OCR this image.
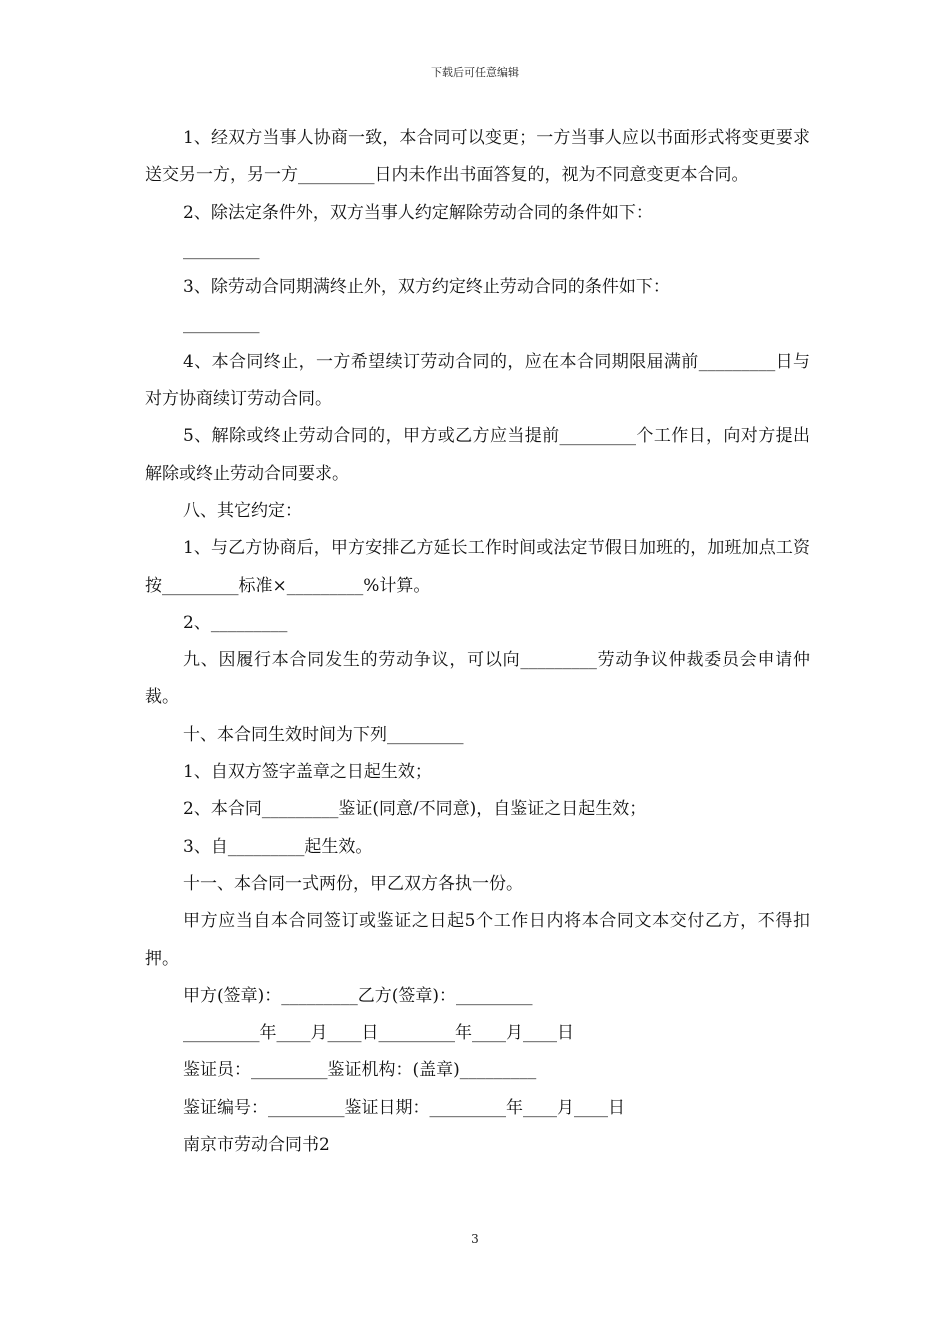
下载后可任意编辑

1、经双方当事人协商一致，本合同可以变更；一方当事人应以书面形式将变更要求送交另一方，另一方_________日内未作出书面答复的，视为不同意变更本合同。

2、除法定条件外，双方当事人约定解除劳动合同的条件如下：

_________

3、除劳动合同期满终止外，双方约定终止劳动合同的条件如下：

_________

4、本合同终止，一方希望续订劳动合同的，应在本合同期限届满前_________日与对方协商续订劳动合同。

5、解除或终止劳动合同的，甲方或乙方应当提前_________个工作日，向对方提出解除或终止劳动合同要求。

八、其它约定：

1、与乙方协商后，甲方安排乙方延长工作时间或法定节假日加班的，加班加点工资按_________标准×_________%计算。

2、_________

九、因履行本合同发生的劳动争议，可以向_________劳动争议仲裁委员会申请仲裁。

十、本合同生效时间为下列_________

1、自双方签字盖章之日起生效；

2、本合同_________鉴证(同意/不同意)，自鉴证之日起生效；

3、自_________起生效。

十一、本合同一式两份，甲乙双方各执一份。

甲方应当自本合同签订或鉴证之日起5个工作日内将本合同文本交付乙方，不得扣押。

甲方(签章)：_________乙方(签章)：_________

_________年____月____日_________年____月____日

鉴证员：_________鉴证机构：(盖章)_________

鉴证编号：_________鉴证日期：_________年____月____日

南京市劳动合同书2

3
